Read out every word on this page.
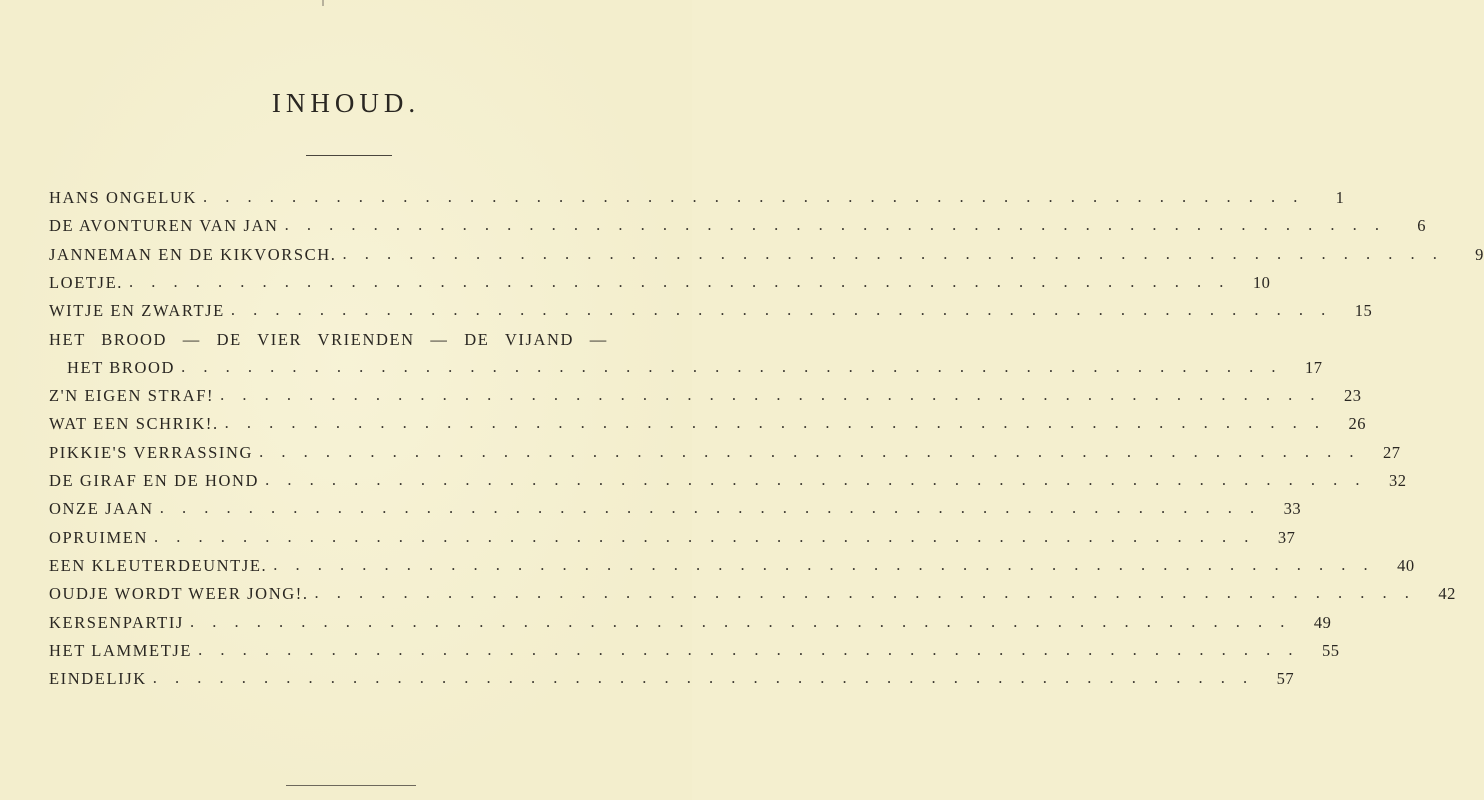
INHOUD.
HANS ONGELUK . . . . . . . . . . . . . . . . . . . . . . . . . . . . . . . . . . . . . . . . . . . . . . . . . .	1
DE AVONTUREN VAN JAN . . . . . . . . . . . . . . . . . . . . . . . . . . . . . . . . . . . . . . . . . . . . . . . . . .	6
JANNEMAN EN DE KIKVORSCH. . . . . . . . . . . . . . . . . . . . . . . . . . . . . . . . . . . . . . . . . . . . . . . . . . .	9
LOETJE. . . . . . . . . . . . . . . . . . . . . . . . . . . . . . . . . . . . . . . . . . . . . . . . . . .	10
WITJE EN ZWARTJE . . . . . . . . . . . . . . . . . . . . . . . . . . . . . . . . . . . . . . . . . . . . . . . . . .	15
HET BROOD — DE VIER VRIENDEN — DE VIJAND —
HET BROOD . . . . . . . . . . . . . . . . . . . . . . . . . . . . . . . . . . . . . . . . . . . . . . . . . .	17
Z'N EIGEN STRAF! . . . . . . . . . . . . . . . . . . . . . . . . . . . . . . . . . . . . . . . . . . . . . . . . . .	23
WAT EEN SCHRIK!. . . . . . . . . . . . . . . . . . . . . . . . . . . . . . . . . . . . . . . . . . . . . . . . . . .	26
PIKKIE'S VERRASSING . . . . . . . . . . . . . . . . . . . . . . . . . . . . . . . . . . . . . . . . . . . . . . . . . .	27
DE GIRAF EN DE HOND . . . . . . . . . . . . . . . . . . . . . . . . . . . . . . . . . . . . . . . . . . . . . . . . . .	32
ONZE JAAN . . . . . . . . . . . . . . . . . . . . . . . . . . . . . . . . . . . . . . . . . . . . . . . . . .	33
OPRUIMEN . . . . . . . . . . . . . . . . . . . . . . . . . . . . . . . . . . . . . . . . . . . . . . . . . .	37
EEN KLEUTERDEUNTJE. . . . . . . . . . . . . . . . . . . . . . . . . . . . . . . . . . . . . . . . . . . . . . . . . . .	40
OUDJE WORDT WEER JONG!. . . . . . . . . . . . . . . . . . . . . . . . . . . . . . . . . . . . . . . . . . . . . . . . . . .	42
KERSENPARTIJ . . . . . . . . . . . . . . . . . . . . . . . . . . . . . . . . . . . . . . . . . . . . . . . . . .	49
HET LAMMETJE . . . . . . . . . . . . . . . . . . . . . . . . . . . . . . . . . . . . . . . . . . . . . . . . . .	55
EINDELIJK . . . . . . . . . . . . . . . . . . . . . . . . . . . . . . . . . . . . . . . . . . . . . . . . . .	57
